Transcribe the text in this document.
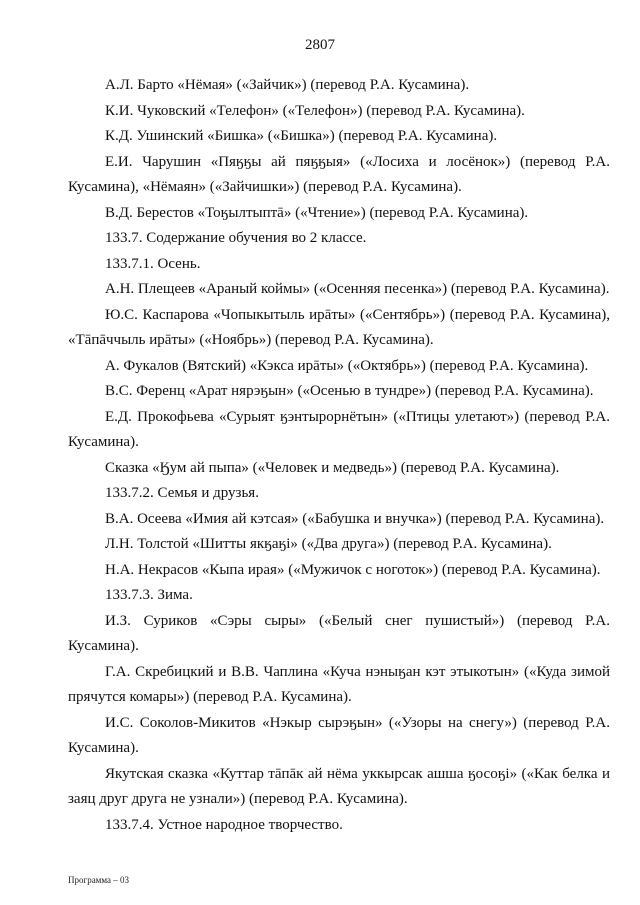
2807

А.Л. Барто «Нёмая» («Зайчик») (перевод Р.А. Кусамина).

К.И. Чуковский «Телефон» («Телефон») (перевод Р.А. Кусамина).

К.Д. Ушинский «Бишка» («Бишка») (перевод Р.А. Кусамина).

Е.И. Чарушин «Пяӄӄы ай пяӄӄыя» («Лосиха и лосёнок») (перевод Р.А. Кусамина), «Нёмаян» («Зайчишки») (перевод Р.А. Кусамина).

В.Д. Берестов «Тоӄылтыптā» («Чтение») (перевод Р.А. Кусамина).

133.7. Содержание обучения во 2 классе.

133.7.1. Осень.

А.Н. Плещеев «Араный коймы» («Осенняя песенка») (перевод Р.А. Кусамина).

Ю.С. Каспарова «Чопыкытыль ирāты» («Сентябрь») (перевод Р.А. Кусамина), «Тāпāччыль ирāты» («Ноябрь») (перевод Р.А. Кусамина).

А. Фукалов (Вятский) «Кэкса ирāты» («Октябрь») (перевод Р.А. Кусамина).

В.С. Ференц «Арат нярэӄын» («Осенью в тундре») (перевод Р.А. Кусамина).

Е.Д. Прокофьева «Сурыят ӄэнтырорнётын» («Птицы улетают») (перевод Р.А. Кусамина).

Сказка «Ӄум ай пыпа» («Человек и медведь») (перевод Р.А. Кусамина).

133.7.2. Семья и друзья.

В.А. Осеева «Имия ай кэтсая» («Бабушка и внучка») (перевод Р.А. Кусамина).

Л.Н. Толстой «Шитты якӄаӄі» («Два друга») (перевод Р.А. Кусамина).

Н.А. Некрасов «Кыпа ирая» («Мужичок с ноготок») (перевод Р.А. Кусамина).

133.7.3. Зима.

И.З. Суриков «Сэры сыры» («Белый снег пушистый») (перевод Р.А. Кусамина).

Г.А. Скребицкий и В.В. Чаплина «Куча нэныӄан кэт этыкотын» («Куда зимой прячутся комары») (перевод Р.А. Кусамина).

И.С. Соколов-Микитов «Нэкыр сырэӄын» («Узоры на снегу») (перевод Р.А. Кусамина).

Якутская сказка «Куттар тāпāк ай нёма уккырсак ашша ӄосоӄі» («Как белка и заяц друг друга не узнали») (перевод Р.А. Кусамина).

133.7.4. Устное народное творчество.

Программа – 03
